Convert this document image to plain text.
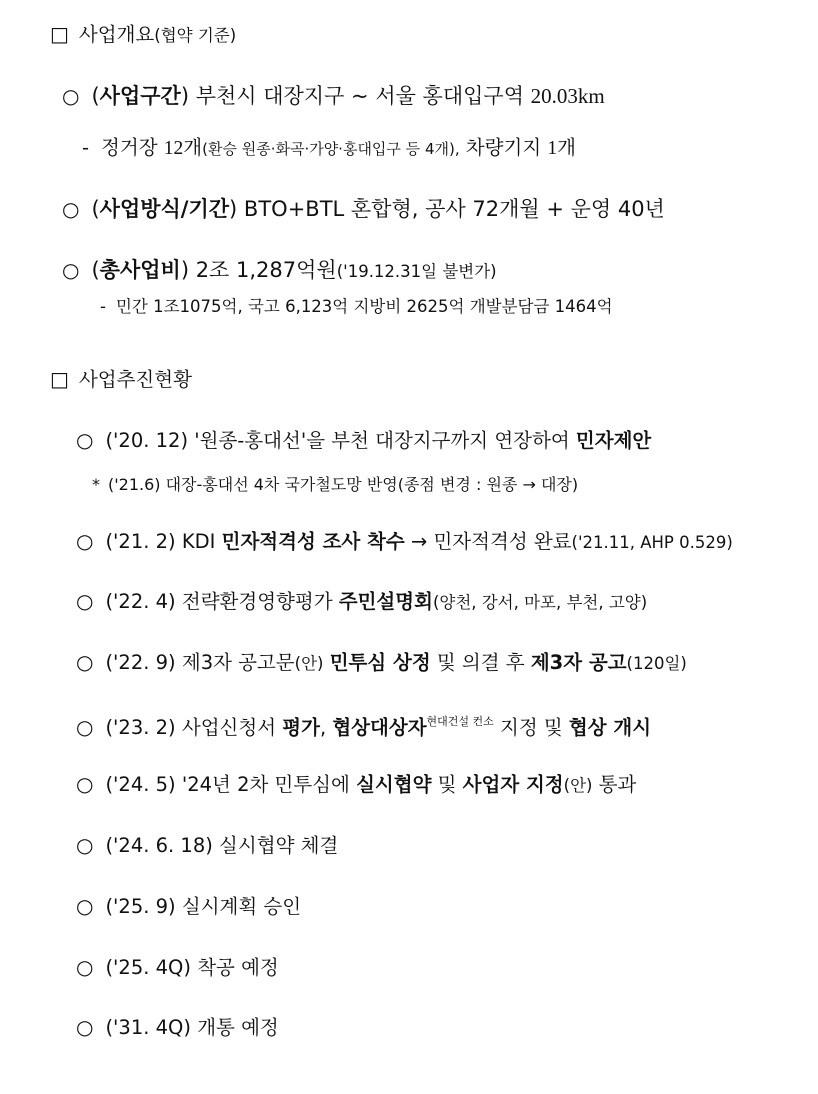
□ 사업개요(협약 기준)
○ (사업구간) 부천시 대장지구 ~ 서울 홍대입구역 20.03km
- 정거장 12개(환승 원종·화곡·가양·홍대입구 등 4개), 차량기지 1개
○ (사업방식/기간) BTO+BTL 혼합형, 공사 72개월 + 운영 40년
○ (총사업비) 2조 1,287억원('19.12.31일 불변가)
- 민간 1조1075억, 국고 6,123억 지방비 2625억 개발분담금 1464억
□ 사업추진현황
○ ('20. 12) '원종-홍대선'을 부천 대장지구까지 연장하여 민자제안
* ('21.6) 대장-홍대선 4차 국가철도망 반영(종점 변경 : 원종 → 대장)
○ ('21. 2) KDI 민자적격성 조사 착수 → 민자적격성 완료('21.11, AHP 0.529)
○ ('22. 4) 전략환경영향평가 주민설명회(양천, 강서, 마포, 부천, 고양)
○ ('22. 9) 제3자 공고문(안) 민투심 상정 및 의결 후 제3자 공고(120일)
○ ('23. 2) 사업신청서 평가, 협상대상자$^{현대건설 컨소}$ 지정 및 협상 개시
○ ('24. 5) '24년 2차 민투심에 실시협약 및 사업자 지정(안) 통과
○ ('24. 6. 18) 실시협약 체결
○ ('25. 9) 실시계획 승인
○ ('25. 4Q) 착공 예정
○ ('31. 4Q) 개통 예정
